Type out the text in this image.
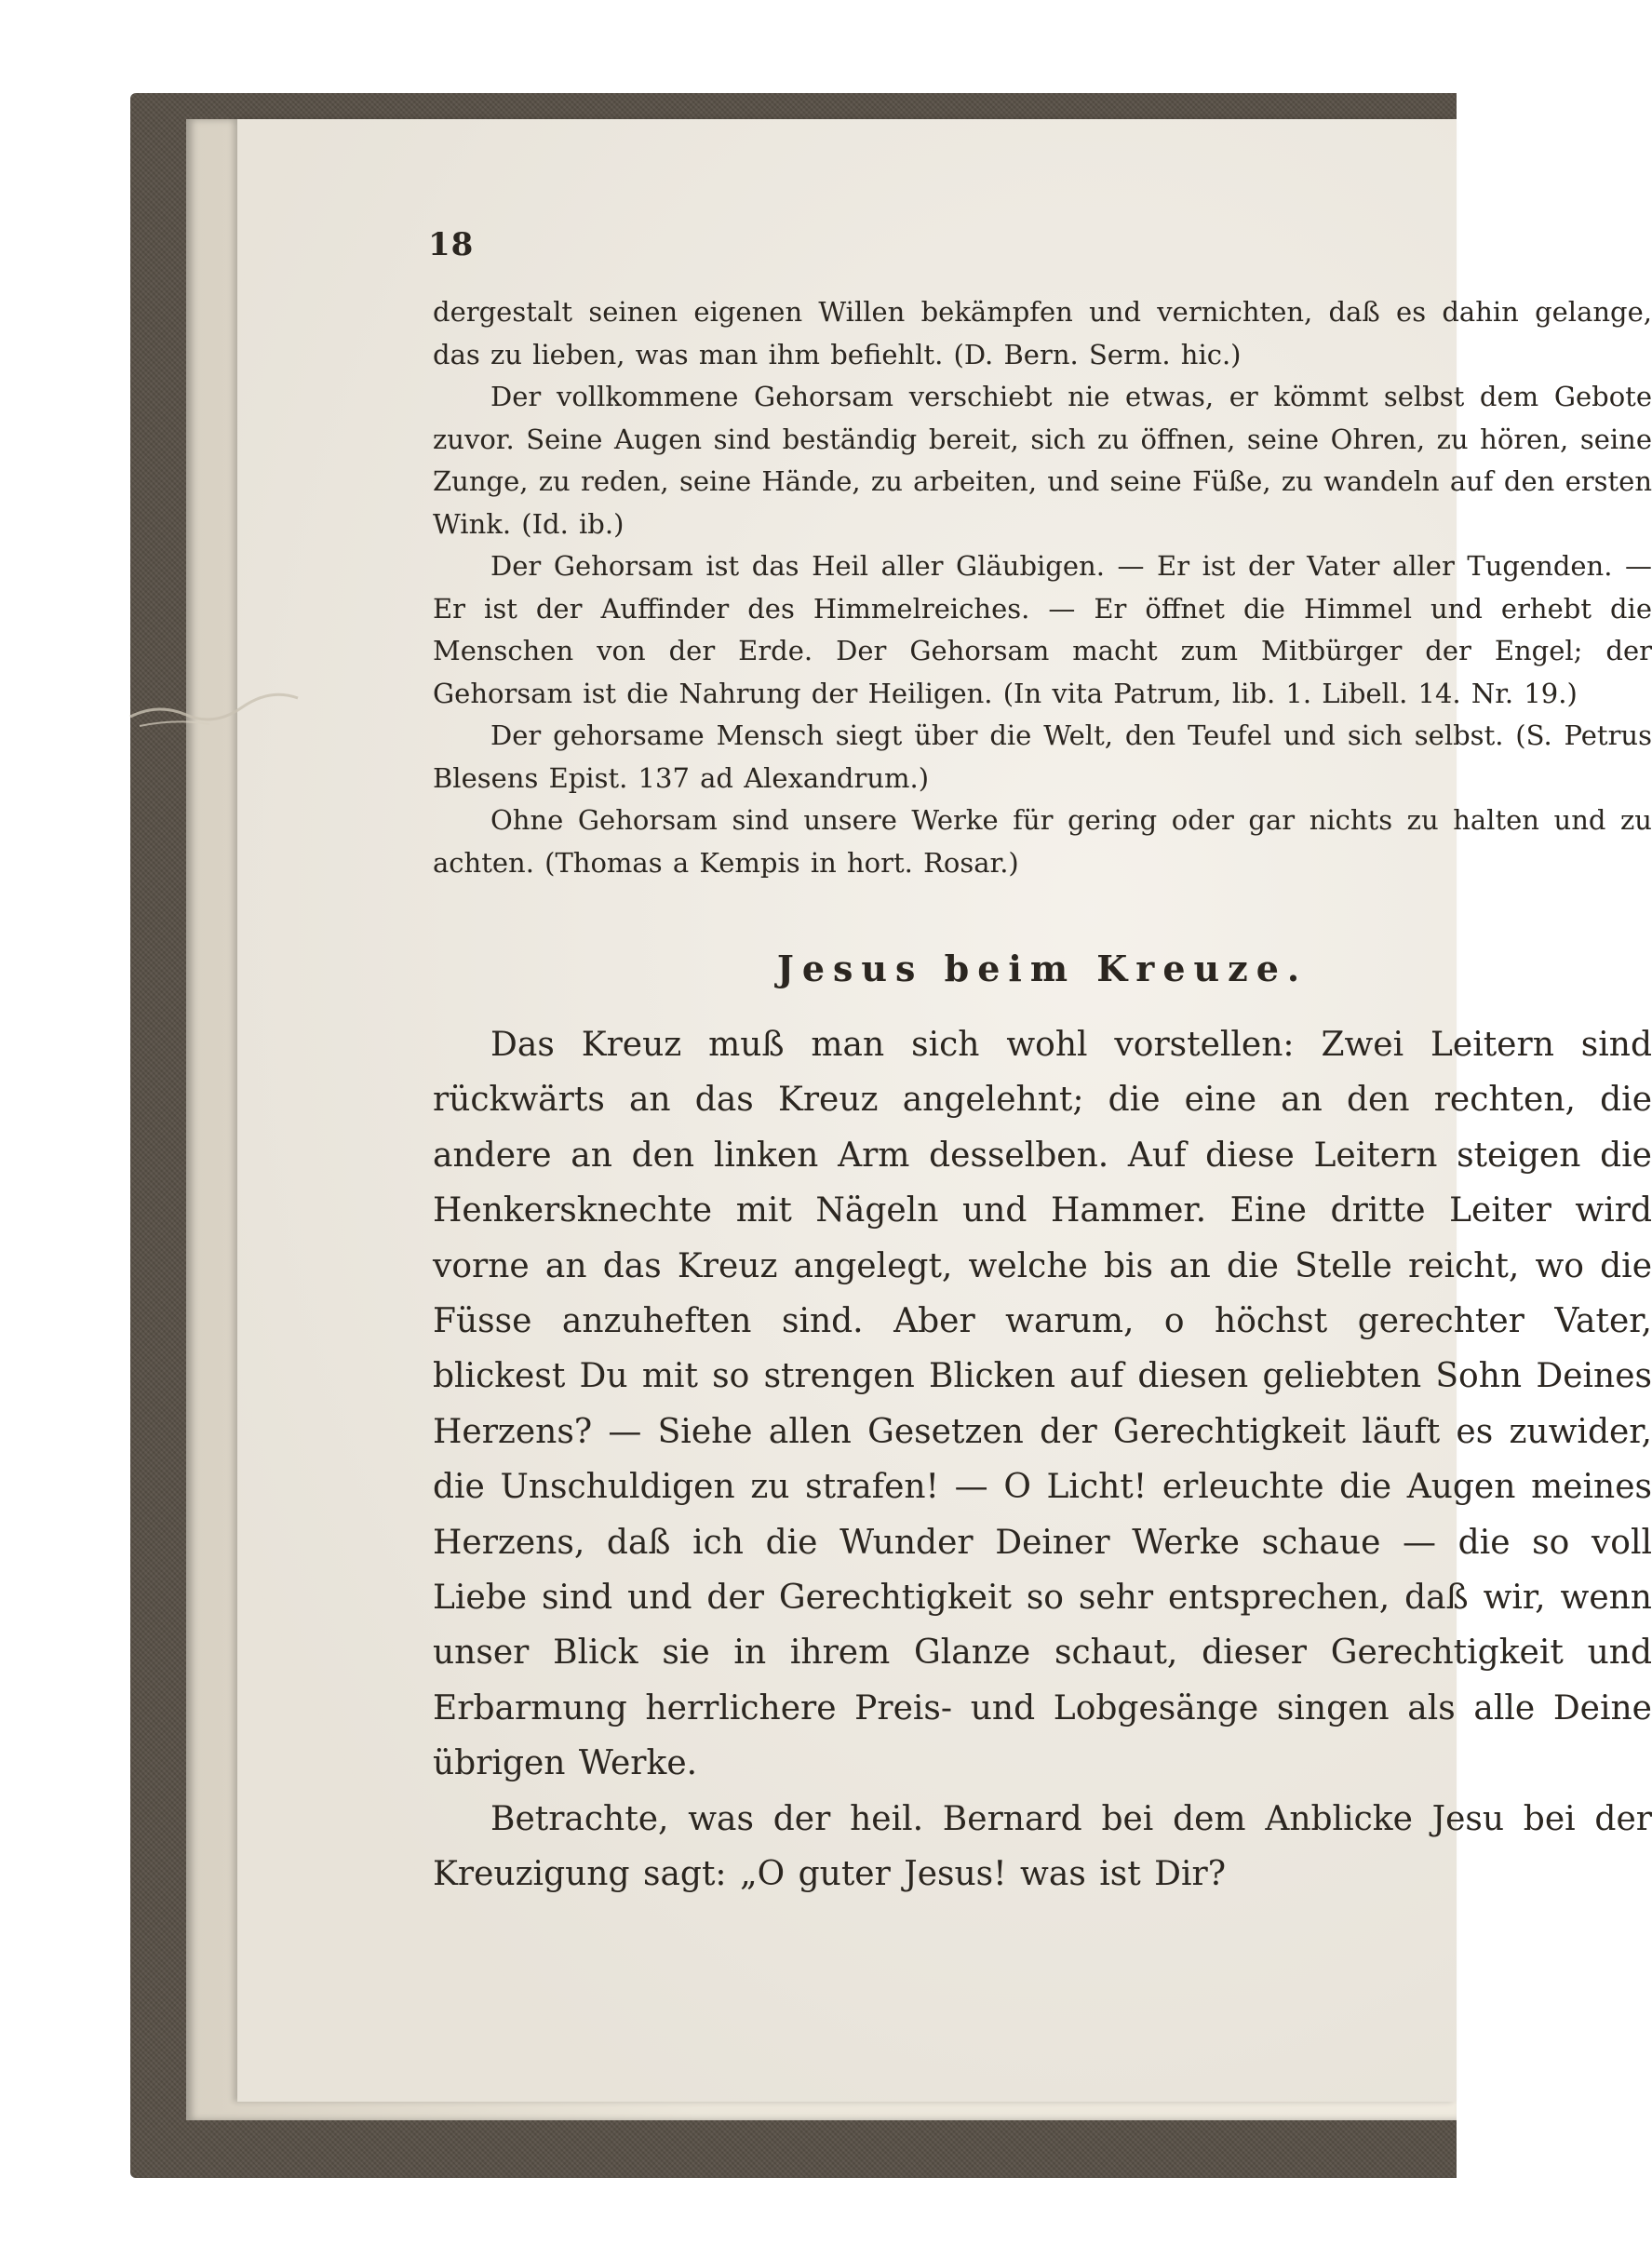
18

dergestalt seinen eigenen Willen bekämpfen und vernichten, daß es dahin gelange, das zu lieben, was man ihm befiehlt. (D. Bern. Serm. hic.)

Der vollkommene Gehorsam verschiebt nie etwas, er kömmt selbst dem Gebote zuvor. Seine Augen sind beständig bereit, sich zu öffnen, seine Ohren, zu hören, seine Zunge, zu reden, seine Hände, zu arbeiten, und seine Füße, zu wandeln auf den ersten Wink. (Id. ib.)

Der Gehorsam ist das Heil aller Gläubigen. — Er ist der Vater aller Tugenden. — Er ist der Auffinder des Himmelreiches. — Er öffnet die Himmel und erhebt die Menschen von der Erde. Der Gehorsam macht zum Mitbürger der Engel; der Gehorsam ist die Nahrung der Heiligen. (In vita Patrum, lib. 1. Libell. 14. Nr. 19.)

Der gehorsame Mensch siegt über die Welt, den Teufel und sich selbst. (S. Petrus Blesens Epist. 137 ad Alexandrum.)

Ohne Gehorsam sind unsere Werke für gering oder gar nichts zu halten und zu achten. (Thomas a Kempis in hort. Rosar.)

Jesus beim Kreuze.

Das Kreuz muß man sich wohl vorstellen: Zwei Leitern sind rückwärts an das Kreuz angelehnt; die eine an den rechten, die andere an den linken Arm desselben. Auf diese Leitern steigen die Henkersknechte mit Nägeln und Hammer. Eine dritte Leiter wird vorne an das Kreuz angelegt, welche bis an die Stelle reicht, wo die Füsse anzuheften sind. Aber warum, o höchst gerechter Vater, blickest Du mit so strengen Blicken auf diesen geliebten Sohn Deines Herzens? — Siehe allen Gesetzen der Gerechtigkeit läuft es zuwider, die Unschuldigen zu strafen! — O Licht! erleuchte die Augen meines Herzens, daß ich die Wunder Deiner Werke schaue — die so voll Liebe sind und der Gerechtigkeit so sehr entsprechen, daß wir, wenn unser Blick sie in ihrem Glanze schaut, dieser Gerechtigkeit und Erbarmung herrlichere Preis- und Lobgesänge singen als alle Deine übrigen Werke.

Betrachte, was der heil. Bernard bei dem Anblicke Jesu bei der Kreuzigung sagt: „O guter Jesus! was ist Dir?
